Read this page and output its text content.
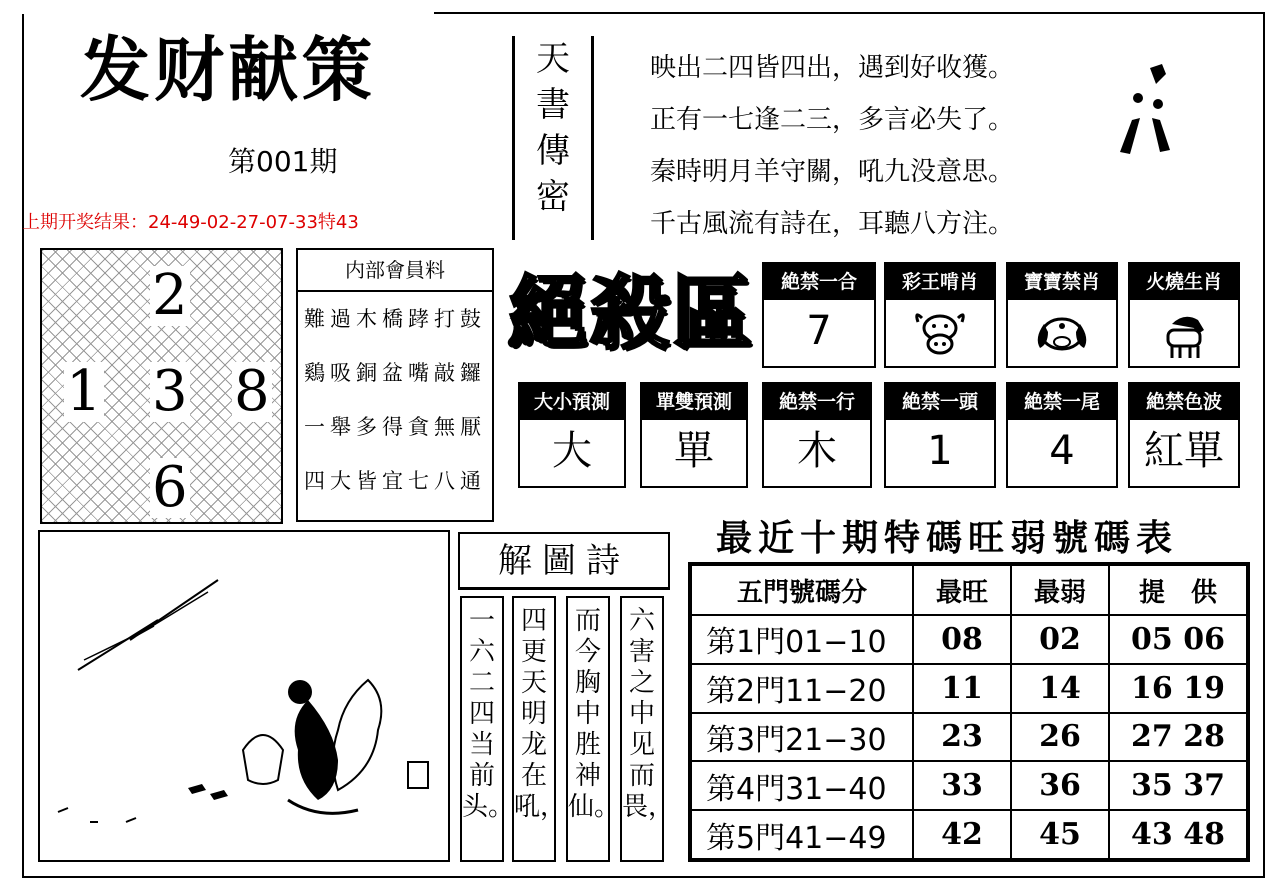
发财献策
第001期
上期开奖结果：24-49-02-27-07-33特43
2
1 3 8
6
内部會員料
難過木橋踍打鼓
鷄吸銅盆嘴敲鑼
一舉多得貪無厭
四大皆宜七八通
天
書
傳
密
映出二四皆四出，遇到好收獲。
正有一七逢二三，多言必失了。
秦時明月羊守關，吼九没意思。
千古風流有詩在，耳聽八方注。
絕殺區	絶禁一合
7
彩王啃肖	寶寶禁肖	火燒生肖
大小預測
大
單雙預測
單
絶禁一行
木
絶禁一頭
1
絶禁一尾
4
絶禁色波
紅單
最近十期特碼旺弱號碼表
五門號碼分	最旺	最弱	提　供
第1門01−10	08	02	05 06
第2門11−20	11	14	16 19
第3門21−30	23	26	27 28
第4門31−40	33	36	35 37
第5門41−49	42	45	43 48
解圖詩
一六二四当前头。
四更天明龙在吼，
而今胸中胜神仙。
六害之中见而畏，
